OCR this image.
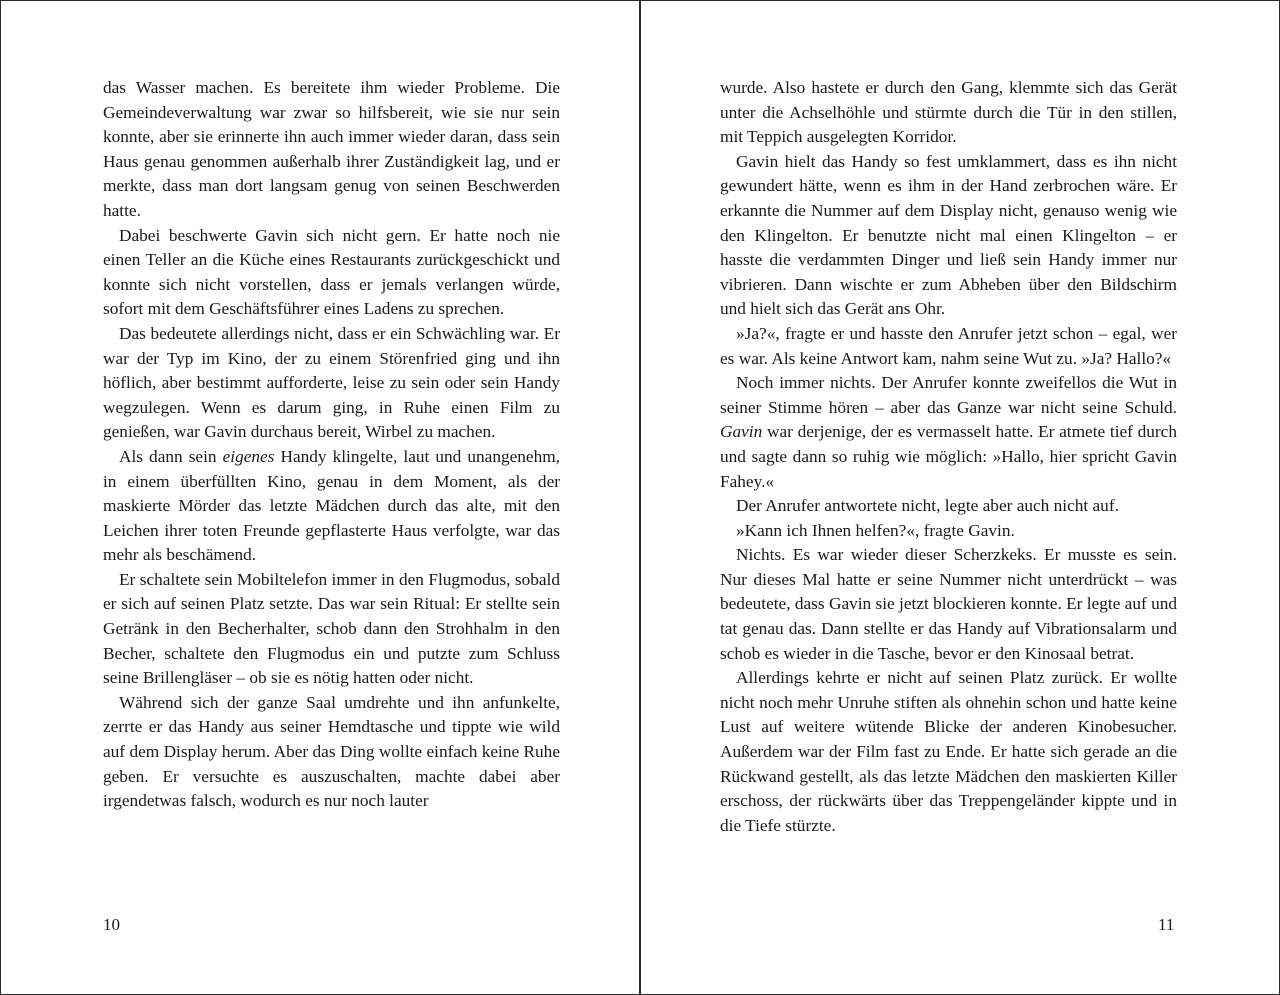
das Wasser machen. Es bereitete ihm wieder Probleme. Die Gemeindeverwaltung war zwar so hilfsbereit, wie sie nur sein konnte, aber sie erinnerte ihn auch immer wieder daran, dass sein Haus genau genommen außerhalb ihrer Zuständigkeit lag, und er merkte, dass man dort langsam genug von seinen Beschwerden hatte.

Dabei beschwerte Gavin sich nicht gern. Er hatte noch nie einen Teller an die Küche eines Restaurants zurückgeschickt und konnte sich nicht vorstellen, dass er jemals verlangen würde, sofort mit dem Geschäftsführer eines Ladens zu sprechen.

Das bedeutete allerdings nicht, dass er ein Schwächling war. Er war der Typ im Kino, der zu einem Störenfried ging und ihn höflich, aber bestimmt aufforderte, leise zu sein oder sein Handy wegzulegen. Wenn es darum ging, in Ruhe einen Film zu genießen, war Gavin durchaus bereit, Wirbel zu machen.

Als dann sein eigenes Handy klingelte, laut und unangenehm, in einem überfüllten Kino, genau in dem Moment, als der maskierte Mörder das letzte Mädchen durch das alte, mit den Leichen ihrer toten Freunde gepflasterte Haus verfolgte, war das mehr als beschämend.

Er schaltete sein Mobiltelefon immer in den Flugmodus, sobald er sich auf seinen Platz setzte. Das war sein Ritual: Er stellte sein Getränk in den Becherhalter, schob dann den Strohhalm in den Becher, schaltete den Flugmodus ein und putzte zum Schluss seine Brillengläser – ob sie es nötig hatten oder nicht.

Während sich der ganze Saal umdrehte und ihn anfunkelte, zerrte er das Handy aus seiner Hemdtasche und tippte wie wild auf dem Display herum. Aber das Ding wollte einfach keine Ruhe geben. Er versuchte es auszuschalten, machte dabei aber irgendetwas falsch, wodurch es nur noch lauter

10

wurde. Also hastete er durch den Gang, klemmte sich das Gerät unter die Achselhöhle und stürmte durch die Tür in den stillen, mit Teppich ausgelegten Korridor.

Gavin hielt das Handy so fest umklammert, dass es ihn nicht gewundert hätte, wenn es ihm in der Hand zerbrochen wäre. Er erkannte die Nummer auf dem Display nicht, genauso wenig wie den Klingelton. Er benutzte nicht mal einen Klingelton – er hasste die verdammten Dinger und ließ sein Handy immer nur vibrieren. Dann wischte er zum Abheben über den Bildschirm und hielt sich das Gerät ans Ohr.

»Ja?«, fragte er und hasste den Anrufer jetzt schon – egal, wer es war. Als keine Antwort kam, nahm seine Wut zu. »Ja? Hallo?«

Noch immer nichts. Der Anrufer konnte zweifellos die Wut in seiner Stimme hören – aber das Ganze war nicht seine Schuld. Gavin war derjenige, der es vermasselt hatte. Er atmete tief durch und sagte dann so ruhig wie möglich: »Hallo, hier spricht Gavin Fahey.«

Der Anrufer antwortete nicht, legte aber auch nicht auf.

»Kann ich Ihnen helfen?«, fragte Gavin.

Nichts. Es war wieder dieser Scherzkeks. Er musste es sein. Nur dieses Mal hatte er seine Nummer nicht unterdrückt – was bedeutete, dass Gavin sie jetzt blockieren konnte. Er legte auf und tat genau das. Dann stellte er das Handy auf Vibrationsalarm und schob es wieder in die Tasche, bevor er den Kinosaal betrat.

Allerdings kehrte er nicht auf seinen Platz zurück. Er wollte nicht noch mehr Unruhe stiften als ohnehin schon und hatte keine Lust auf weitere wütende Blicke der anderen Kinobesucher. Außerdem war der Film fast zu Ende. Er hatte sich gerade an die Rückwand gestellt, als das letzte Mädchen den maskierten Killer erschoss, der rückwärts über das Treppengeländer kippte und in die Tiefe stürzte.

11
